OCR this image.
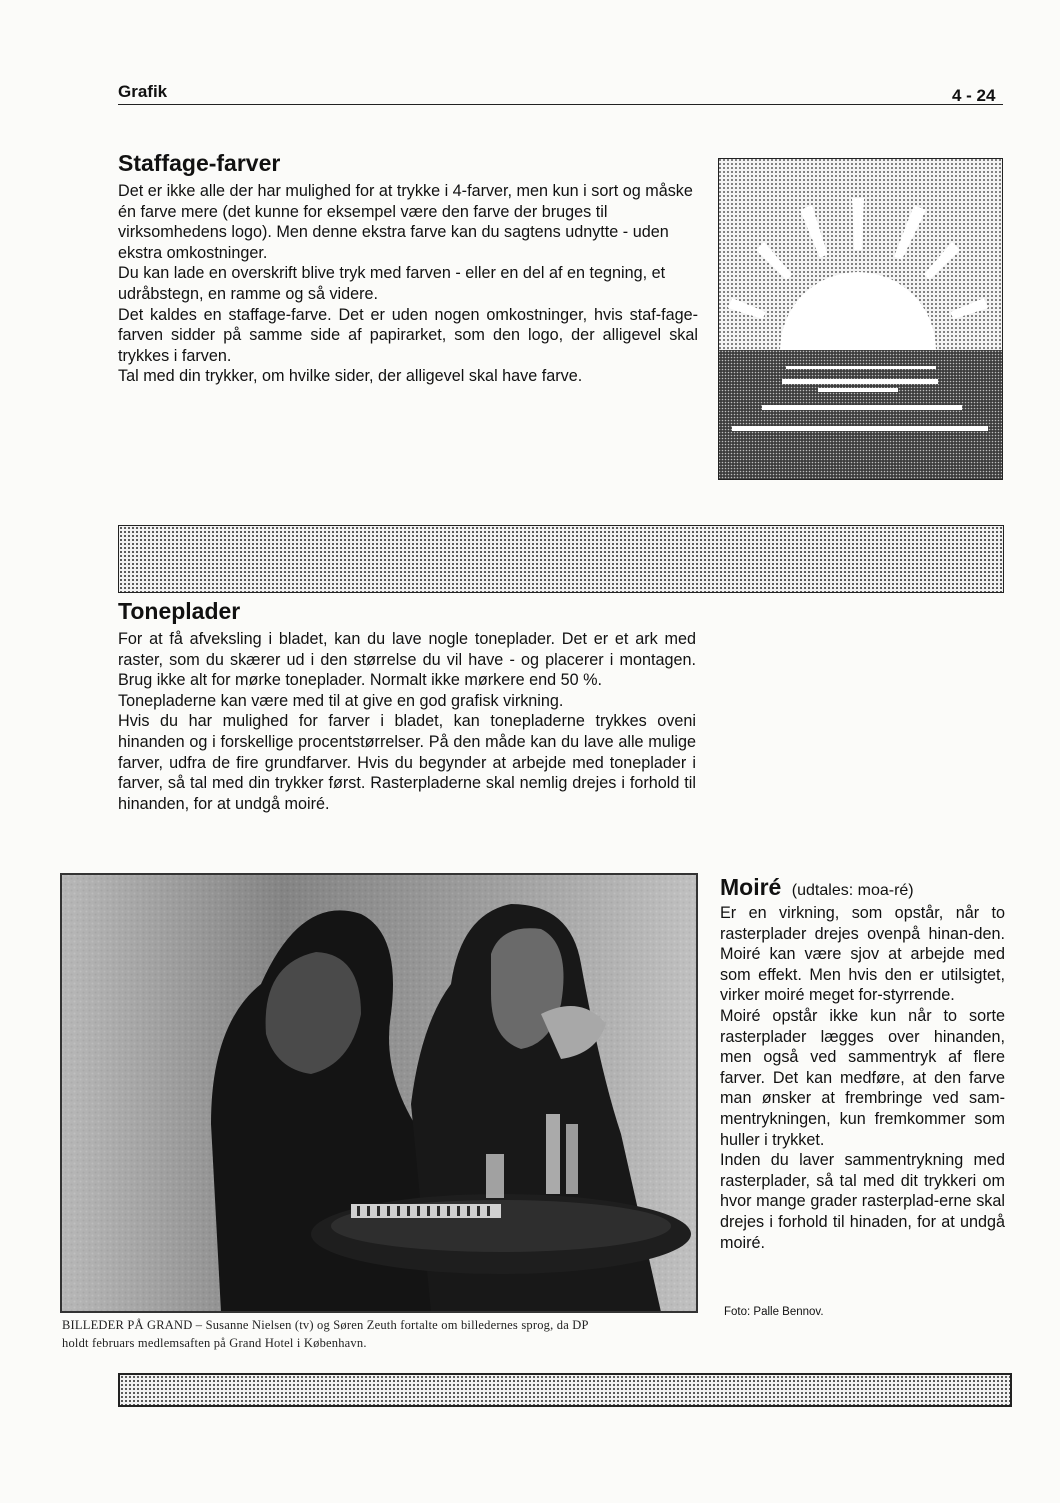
Grafik	4 - 24
Staffage-farver

Det er ikke alle der har mulighed for at trykke i 4-farver, men kun i sort og måske én farve mere (det kunne for eksempel være den farve der bruges til virksomhedens logo). Men denne ekstra farve kan du sagtens udnytte - uden ekstra omkostninger.

Du kan lade en overskrift blive tryk med farven - eller en del af en tegning, et udråbstegn, en ramme og så videre.

Det kaldes en staffage-farve. Det er uden nogen omkostninger, hvis staf-fage-farven sidder på samme side af papirarket, som den logo, der alligevel skal trykkes i farven.

Tal med din trykker, om hvilke sider, der alligevel skal have farve.

Toneplader

For at få afveksling i bladet, kan du lave nogle toneplader. Det er et ark med raster, som du skærer ud i den størrelse du vil have - og placerer i montagen. Brug ikke alt for mørke toneplader. Normalt ikke mørkere end 50 %.

Tonepladerne kan være med til at give en god grafisk virkning.

Hvis du har mulighed for farver i bladet, kan tonepladerne trykkes oveni hinanden og i forskellige procentstørrelser. På den måde kan du lave alle mulige farver, udfra de fire grundfarver. Hvis du begynder at arbejde med toneplader i farver, så tal med din trykker først. Rasterpladerne skal nemlig drejes i forhold til hinanden, for at undgå moiré.

Moiré (udtales: moa-ré)

Er en virkning, som opstår, når to rasterplader drejes ovenpå hinan-den. Moiré kan være sjov at arbejde med som effekt. Men hvis den er utilsigtet, virker moiré meget for-styrrende.

Moiré opstår ikke kun når to sorte rasterplader lægges over hinanden, men også ved sammentryk af flere farver. Det kan medføre, at den farve man ønsker at frembringe ved sam-mentrykningen, kun fremkommer som huller i trykket.

Inden du laver sammentrykning med rasterplader, så tal med dit trykkeri om hvor mange grader rasterplad-erne skal drejes i forhold til hinaden, for at undgå moiré.

Foto: Palle Bennov.
BILLEDER PÅ GRAND – Susanne Nielsen (tv) og Søren Zeuth fortalte om billedernes sprog, da DP
holdt februars medlemsaften på Grand Hotel i København.
